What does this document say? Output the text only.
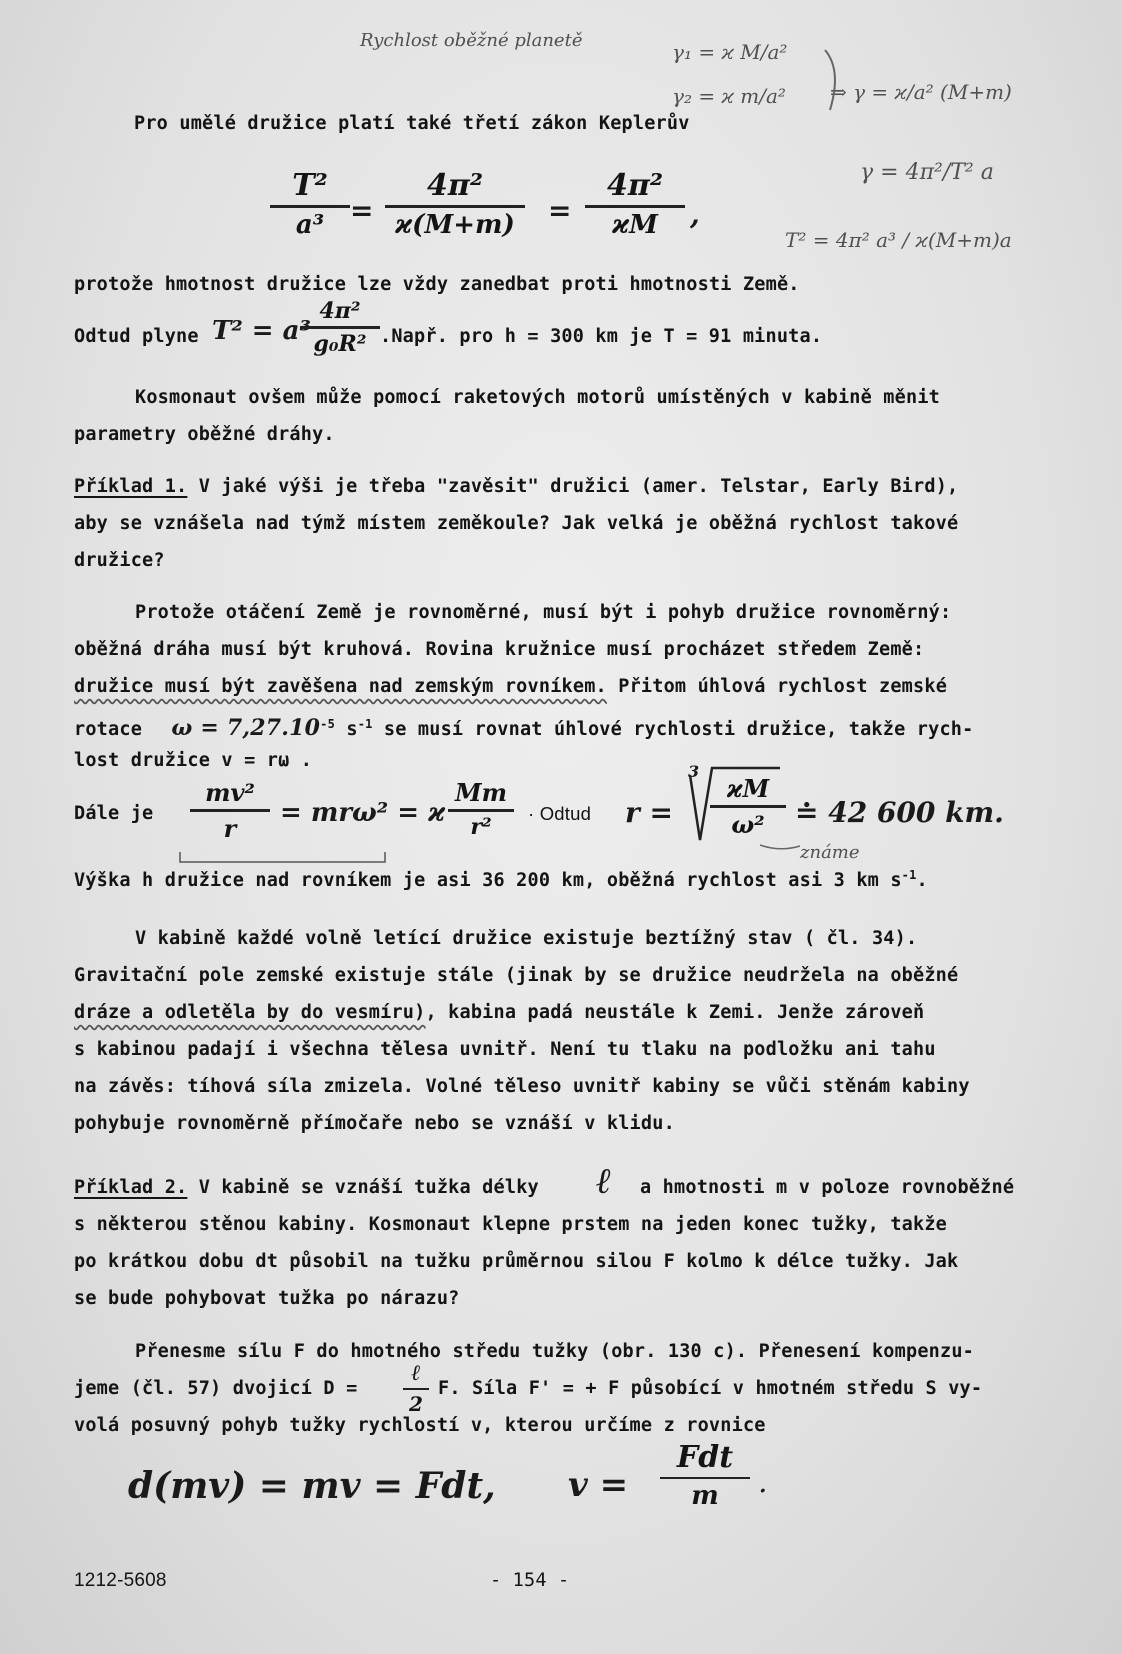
Rychlost oběžné planetě	γ₁ = ϰ M/a²
γ₂ = ϰ m/a² ⇒ γ = ϰ/a² (M+m)
γ = 4π²/T² a
T² = 4π² a³ / ϰ(M+m)a
Pro umělé družice platí také třetí zákon Keplerův
T²
a³ =
4π²
ϰ(M+m)	=
4π²
ϰM	,
protože hmotnost družice lze vždy zanedbat proti hmotnosti Země.
Odtud plyne T² = a³
4π²
g₀R² .Např. pro h = 300 km je T = 91 minuta.
Kosmonaut ovšem může pomocí raketových motorů umístěných v kabině měnit
parametry oběžné dráhy.
Příklad 1. V jaké výši je třeba "zavěsit" družici (amer. Telstar, Early Bird),
aby se vznášela nad týmž místem zeměkoule? Jak velká je oběžná rychlost takové
družice?
Protože otáčení Země je rovnoměrné, musí být i pohyb družice rovnoměrný:
oběžná dráha musí být kruhová. Rovina kružnice musí procházet středem Země:
družice musí být zavěšena nad zemským rovníkem. Přitom úhlová rychlost zemské
rotace $\omega = 7,27.10^{-5}$ $s^{-1}$ se musí rovnat úhlové rychlosti družice, takže rych-
lost družice v = rω .
Dále je
mv²
r
= mrω² = ϰ
Mm
r²
· Odtud r =
3
ϰM
ω²	≐ 42 600 km.
známe
Výška h družice nad rovníkem je asi 36 200 km, oběžná rychlost asi 3 km $s^{-1}$.
V kabině každé volně letící družice existuje beztížný stav ( čl. 34).
Gravitační pole zemské existuje stále (jinak by se družice neudržela na oběžné
dráze a odletěla by do vesmíru), kabina padá neustále k Zemi. Jenže zároveň
s kabinou padají i všechna tělesa uvnitř. Není tu tlaku na podložku ani tahu
na závěs: tíhová síla zmizela. Volné těleso uvnitř kabiny se vůči stěnám kabiny
pohybuje rovnoměrně přímočaře nebo se vznáší v klidu.
Příklad 2. V kabině se vznáší tužka délky ℓ a hmotnosti m v poloze rovnoběžné
s některou stěnou kabiny. Kosmonaut klepne prstem na jeden konec tužky, takže
po krátkou dobu dt působil na tužku průměrnou silou F kolmo k délce tužky. Jak
se bude pohybovat tužka po nárazu?
Přenesme sílu F do hmotného středu tužky (obr. 130 c). Přenesení kompenzu-
jeme (čl. 57) dvojicí D =
ℓ
2
F. Síla F' = + F působící v hmotném středu S vy-
volá posuvný pohyb tužky rychlostí v, kterou určíme z rovnice
d(mv) = mv = Fdt, v =
Fdt
m	.
1212-5608	- 154 -
